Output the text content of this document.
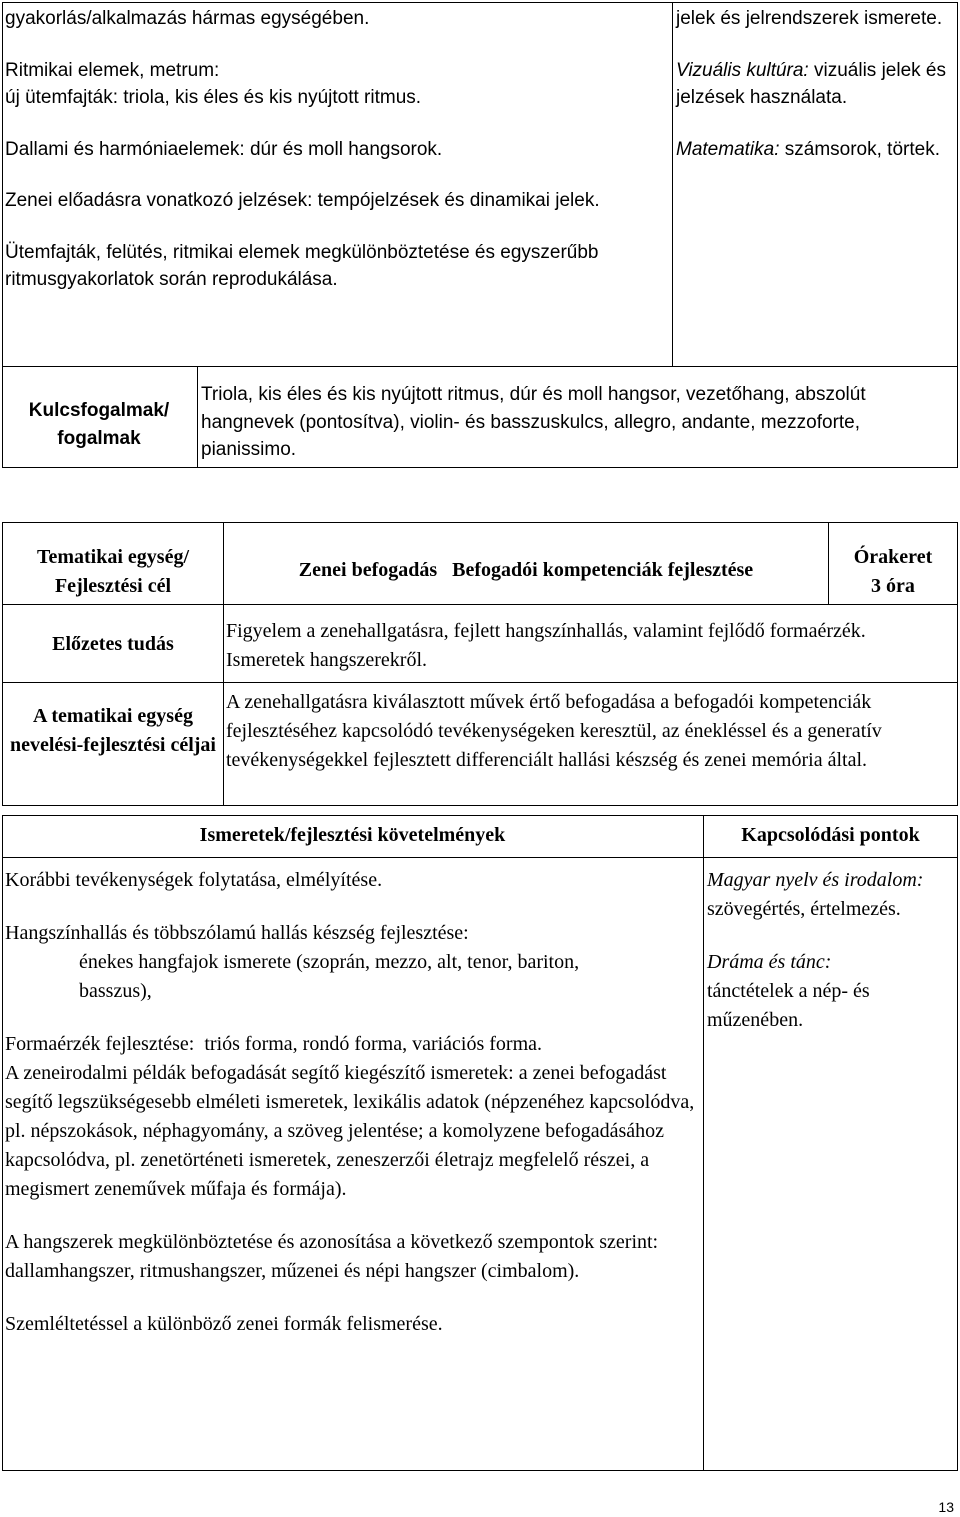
gyakorlás/alkalmazás hármas egységében.

Ritmikai elemek, metrum:

új ütemfajták: triola, kis éles és kis nyújtott ritmus.

Dallami és harmóniaelemek: dúr és moll hangsorok.

Zenei előadásra vonatkozó jelzések: tempójelzések és dinamikai jelek.

Ütemfajták, felütés, ritmikai elemek megkülönböztetése és egyszerűbb ritmusgyakorlatok során reprodukálása.

jelek és jelrendszerek ismerete.

Vizuális kultúra: vizuális jelek és jelzések használata.

Matematika: számsorok, törtek.

Kulcsfogalmak/ fogalmak
Triola, kis éles és kis nyújtott ritmus, dúr és moll hangsor, vezetőhang, abszolút hangnevek (pontosítva), violin- és basszuskulcs, allegro, andante, mezzoforte, pianissimo.
Tematikai egység/ Fejlesztési cél
Zenei befogadás   Befogadói kompetenciák fejlesztése
Órakeret
3 óra
Előzetes tudás
Figyelem a zenehallgatásra, fejlett hangszínhallás, valamint fejlődő formaérzék. Ismeretek hangszerekről.
A tematikai egység nevelési-fejlesztési céljai
A zenehallgatásra kiválasztott művek értő befogadása a befogadói kompetenciák fejlesztéséhez kapcsolódó tevékenységeken keresztül, az énekléssel és a generatív tevékenységekkel fejlesztett differenciált hallási készség és zenei memória által.
Ismeretek/fejlesztési követelmények	Kapcsolódási pontok

Korábbi tevékenységek folytatása, elmélyítése.

Hangszínhallás és többszólamú hallás készség fejlesztése:

énekes hangfajok ismerete (szoprán, mezzo, alt, tenor, bariton, basszus),

Formaérzék fejlesztése:  triós forma, rondó forma, variációs forma.

A zeneirodalmi példák befogadását segítő kiegészítő ismeretek: a zenei befogadást segítő legszükségesebb elméleti ismeretek, lexikális adatok (népzenéhez kapcsolódva, pl. népszokások, néphagyomány, a szöveg jelentése; a komolyzene befogadásához kapcsolódva, pl. zenetörténeti ismeretek, zeneszerzői életrajz megfelelő részei, a megismert zeneművek műfaja és formája).

A hangszerek megkülönböztetése és azonosítása a következő szempontok szerint: dallamhangszer, ritmushangszer, műzenei és népi hangszer (cimbalom).

Szemléltetéssel a különböző zenei formák felismerése.

Magyar nyelv és irodalom: szövegértés, értelmezés.

Dráma és tánc:

tánctételek a nép- és műzenében.

13
